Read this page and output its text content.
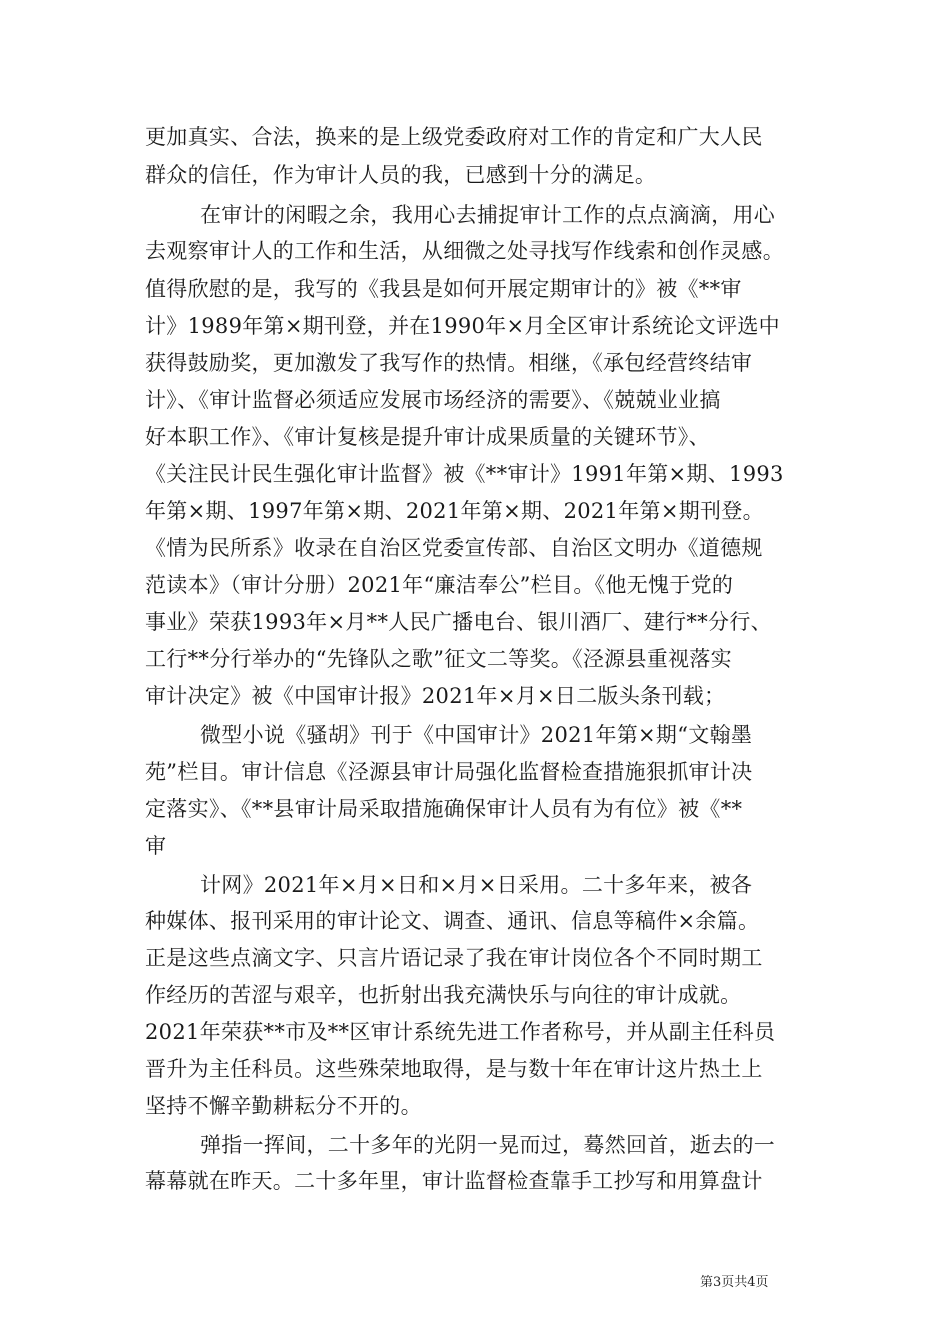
更加真实、合法，换来的是上级党委政府对工作的肯定和广大人民
群众的信任，作为审计人员的我，已感到十分的满足。
在审计的闲暇之余，我用心去捕捉审计工作的点点滴滴，用心
去观察审计人的工作和生活，从细微之处寻找写作线索和创作灵感。
值得欣慰的是，我写的《我县是如何开展定期审计的》被《**审
计》1989年第×期刊登，并在1990年×月全区审计系统论文评选中
获得鼓励奖，更加激发了我写作的热情。相继，《承包经营终结审
计》、《审计监督必须适应发展市场经济的需要》、《兢兢业业搞
好本职工作》、《审计复核是提升审计成果质量的关键环节》、
《关注民计民生强化审计监督》被《**审计》1991年第×期、1993
年第×期、1997年第×期、2021年第×期、2021年第×期刊登。
《情为民所系》收录在自治区党委宣传部、自治区文明办《道德规
范读本》（审计分册）2021年“廉洁奉公”栏目。《他无愧于党的
事业》荣获1993年×月**人民广播电台、银川酒厂、建行**分行、
工行**分行举办的“先锋队之歌”征文二等奖。《泾源县重视落实
审计决定》被《中国审计报》2021年×月×日二版头条刊载；
微型小说《骚胡》刊于《中国审计》2021年第×期“文翰墨
苑”栏目。审计信息《泾源县审计局强化监督检查措施狠抓审计决
定落实》、《**县审计局采取措施确保审计人员有为有位》被《**
审
计网》2021年×月×日和×月×日采用。二十多年来，被各
种媒体、报刊采用的审计论文、调查、通讯、信息等稿件×余篇。
正是这些点滴文字、只言片语记录了我在审计岗位各个不同时期工
作经历的苦涩与艰辛，也折射出我充满快乐与向往的审计成就。
2021年荣获**市及**区审计系统先进工作者称号，并从副主任科员
晋升为主任科员。这些殊荣地取得，是与数十年在审计这片热土上
坚持不懈辛勤耕耘分不开的。
弹指一挥间，二十多年的光阴一晃而过，蓦然回首，逝去的一
幕幕就在昨天。二十多年里，审计监督检查靠手工抄写和用算盘计
第3页共4页
